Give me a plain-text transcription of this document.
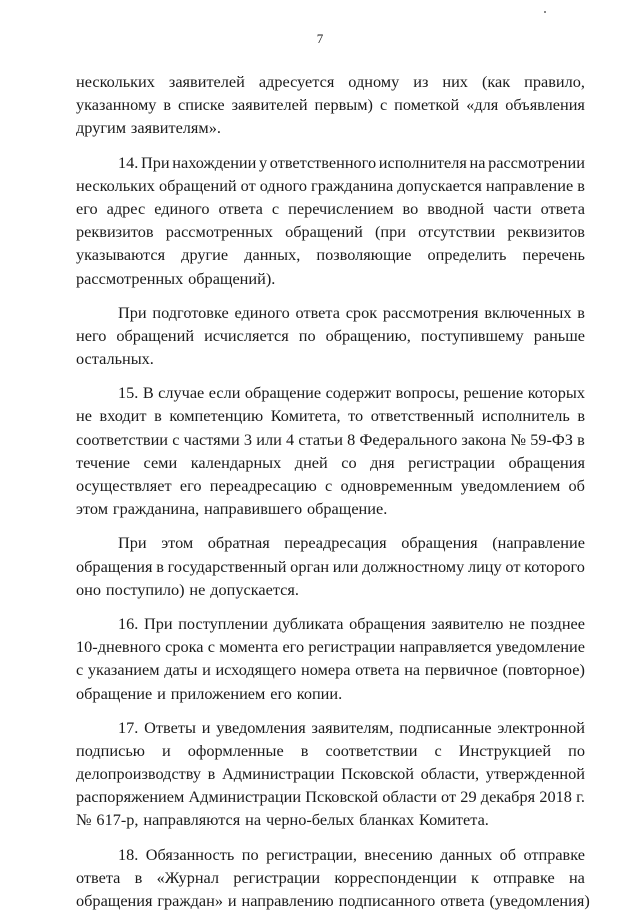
7
нескольких заявителей адресуется одному из них (как правило,
указанному в списке заявителей первым) с пометкой «для объявления
другим заявителям».
14. При нахождении у ответственного исполнителя на рассмотрении
нескольких обращений от одного гражданина допускается направление в
его адрес единого ответа с перечислением во вводной части ответа
реквизитов рассмотренных обращений (при отсутствии реквизитов
указываются другие данных, позволяющие определить перечень
рассмотренных обращений).
При подготовке единого ответа срок рассмотрения включенных в
него обращений исчисляется по обращению, поступившему раньше
остальных.
15. В случае если обращение содержит вопросы, решение которых
не входит в компетенцию Комитета, то ответственный исполнитель в
соответствии с частями 3 или 4 статьи 8 Федерального закона № 59-ФЗ в
течение семи календарных дней со дня регистрации обращения
осуществляет его переадресацию с одновременным уведомлением об
этом гражданина, направившего обращение.
При этом обратная переадресация обращения (направление
обращения в государственный орган или должностному лицу от которого
оно поступило) не допускается.
16. При поступлении дубликата обращения заявителю не позднее
10-дневного срока с момента его регистрации направляется уведомление
с указанием даты и исходящего номера ответа на первичное (повторное)
обращение и приложением его копии.
17. Ответы и уведомления заявителям, подписанные электронной
подписью и оформленные в соответствии с Инструкцией по
делопроизводству в Администрации Псковской области, утвержденной
распоряжением Администрации Псковской области от 29 декабря 2018 г.
№ 617-р, направляются на черно-белых бланках Комитета.
18. Обязанность по регистрации, внесению данных об отправке
ответа в «Журнал регистрации корреспонденции к отправке на
обращения граждан» и направлению подписанного ответа (уведомления)
